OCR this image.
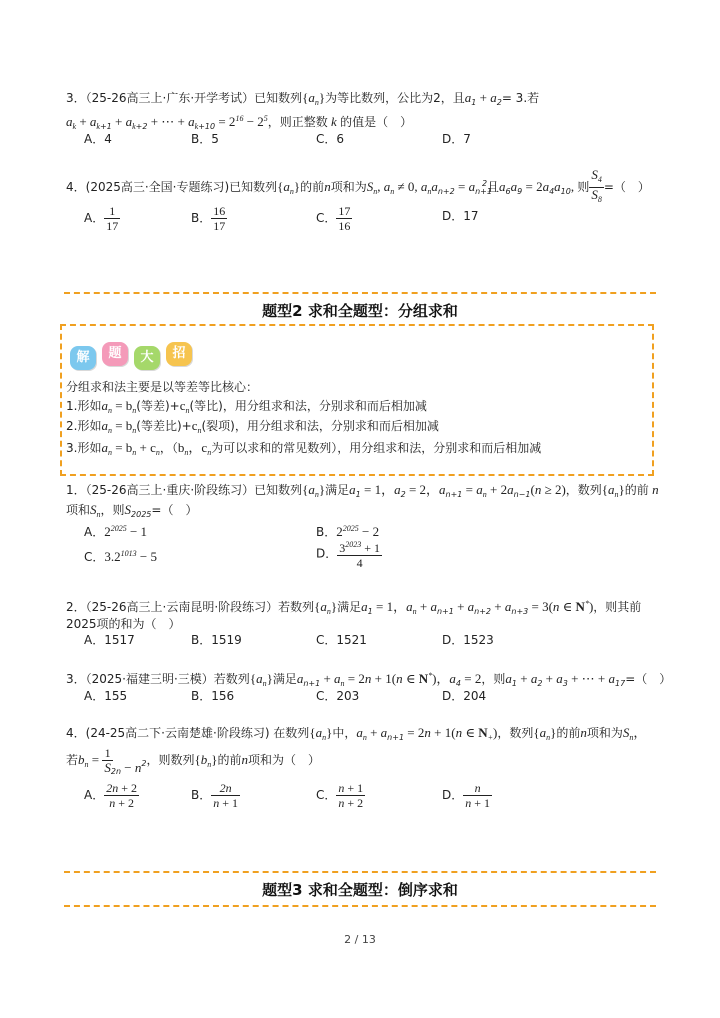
3．（25-26高三上·广东·开学考试）已知数列$\{a_n\}$为等比数列，公比为2，且$a_1 + a_2= 3$.若
$a_k + a_{k+1} + a_{k+2}$ + ⋯ + $a_{k+10} = 2^{16} - 2^5$，则正整数 k 的值是（　）
A．4	B．5	C．6	D．7
4．(2025高三·全国·专题练习)已知数列$\{a_n\}$的前n项和为$S_n$, $a_n \ne 0$, $a_na_{n+2} = a_{n+1}^2$且$a_6a_9 = 2a_4a_{10}$, 则 $\frac{S_4}{S_8}$ =（　）
A． $\frac{1}{17}$	B． $\frac{16}{17}$	C． $\frac{17}{16}$	D．17
题型2 求和全题型：分组求和
解	题	大	招
分组求和法主要是以等差等比核心：
1.形如$a_n = b_n$(等差)$+c_n$(等比)，用分组求和法，分别求和而后相加减
2.形如$a_n = b_n$(等差比)$+c_n$(裂项)，用分组求和法，分别求和而后相加减
3.形如$a_n = b_n + c_n$，（$b_n$，$c_n$为可以求和的常见数列），用分组求和法，分别求和而后相加减
1．（25-26高三上·重庆·阶段练习）已知数列$\{a_n\}$满足$a_1 = 1$，$a_2 = 2$，$a_{n+1} = a_n + 2a_{n-1}(n \ge 2)$，数列$\{a_n\}$的前 n
项和$S_n$，则$S_{2025}=$（　）
A．$2^{2025} - 1$	B．$2^{2025} - 2$
C．$3.2^{1013} - 5$	D． $\frac{3^{2023} + 1}{4}$
2．（25-26高三上·云南昆明·阶段练习）若数列$\{a_n\}$满足$a_1 = 1$，$a_n + a_{n+1} + a_{n+2} + a_{n+3} = 3(n$ ∈ N*)，则其前
2025项的和为（　）
A．1517	B．1519	C．1521	D．1523
3．（2025·福建三明·三模）若数列$\{a_n\}$满足$a_{n+1} + a_n = 2n + 1(n$ ∈ N*)，$a_4 = 2$，则$a_1 + a_2 + a_3$ + ⋯ + $a_{17}=$（　）
A．155	B．156	C．203	D．204
4．(24-25高二下·云南楚雄·阶段练习) 在数列$\{a_n\}$中，$a_n + a_{n+1} = 2n + 1(n$ ∈ $N_+$)，数列$\{a_n\}$的前n项和为$S_n$，
若$b_n = \frac{1}{S}$
$_{2n} - n^2$，则数列$\{b_n\}$的前n项和为（　）
A． $\frac{2n + 2}{n + 2}$	B． $\frac{2n}{n + 1}$	C． $\frac{n + 1}{n + 2}$	D． $\frac{n}{n + 1}$
题型3 求和全题型：倒序求和
2 / 13
